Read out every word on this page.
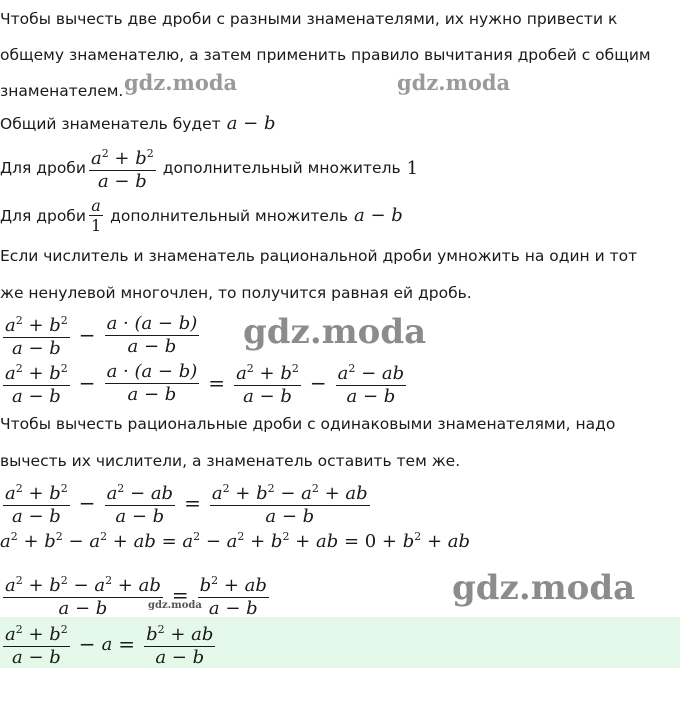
Чтобы вычесть две дроби с разными знаменателями, их нужно привести к
общему знаменателю, а затем применить правило вычитания дробей с общим
знаменателем.
Общий знаменатель будет a − b
Для дроби $\frac{a^2 + b^2}{a - b}$ дополнительный множитель 1
Для дроби $\frac{a}{1}$ дополнительный множитель a − b
Если числитель и знаменатель рациональной дроби умножить на один и тот
же ненулевой многочлен, то получится равная ей дробь.
$\frac{a^2 + b^2}{a - b} - \frac{a \cdot (a - b)}{a - b}$
$\frac{a^2 + b^2}{a - b} - \frac{a \cdot (a - b)}{a - b} = \frac{a^2 + b^2}{a - b} - \frac{a^2 - ab}{a - b}$
Чтобы вычесть рациональные дроби с одинаковыми знаменателями, надо
вычесть их числители, а знаменатель оставить тем же.
$\frac{a^2 + b^2}{a - b} - \frac{a^2 - ab}{a - b} = \frac{a^2 + b^2 - a^2 + ab}{a - b}$
$a^2 + b^2 - a^2$ + ab = $a^2 - a^2 + b^2$ + ab = $0 + b^2$ + ab
$\frac{a^2 + b^2 - a^2 + ab}{a - b} = \frac{b^2 + ab}{a - b}$
$\frac{a^2 + b^2}{a - b} - a = \frac{b^2 + ab}{a - b}$
gdz.moda	gdz.moda
gdz.moda
gdz.moda
gdz.moda
